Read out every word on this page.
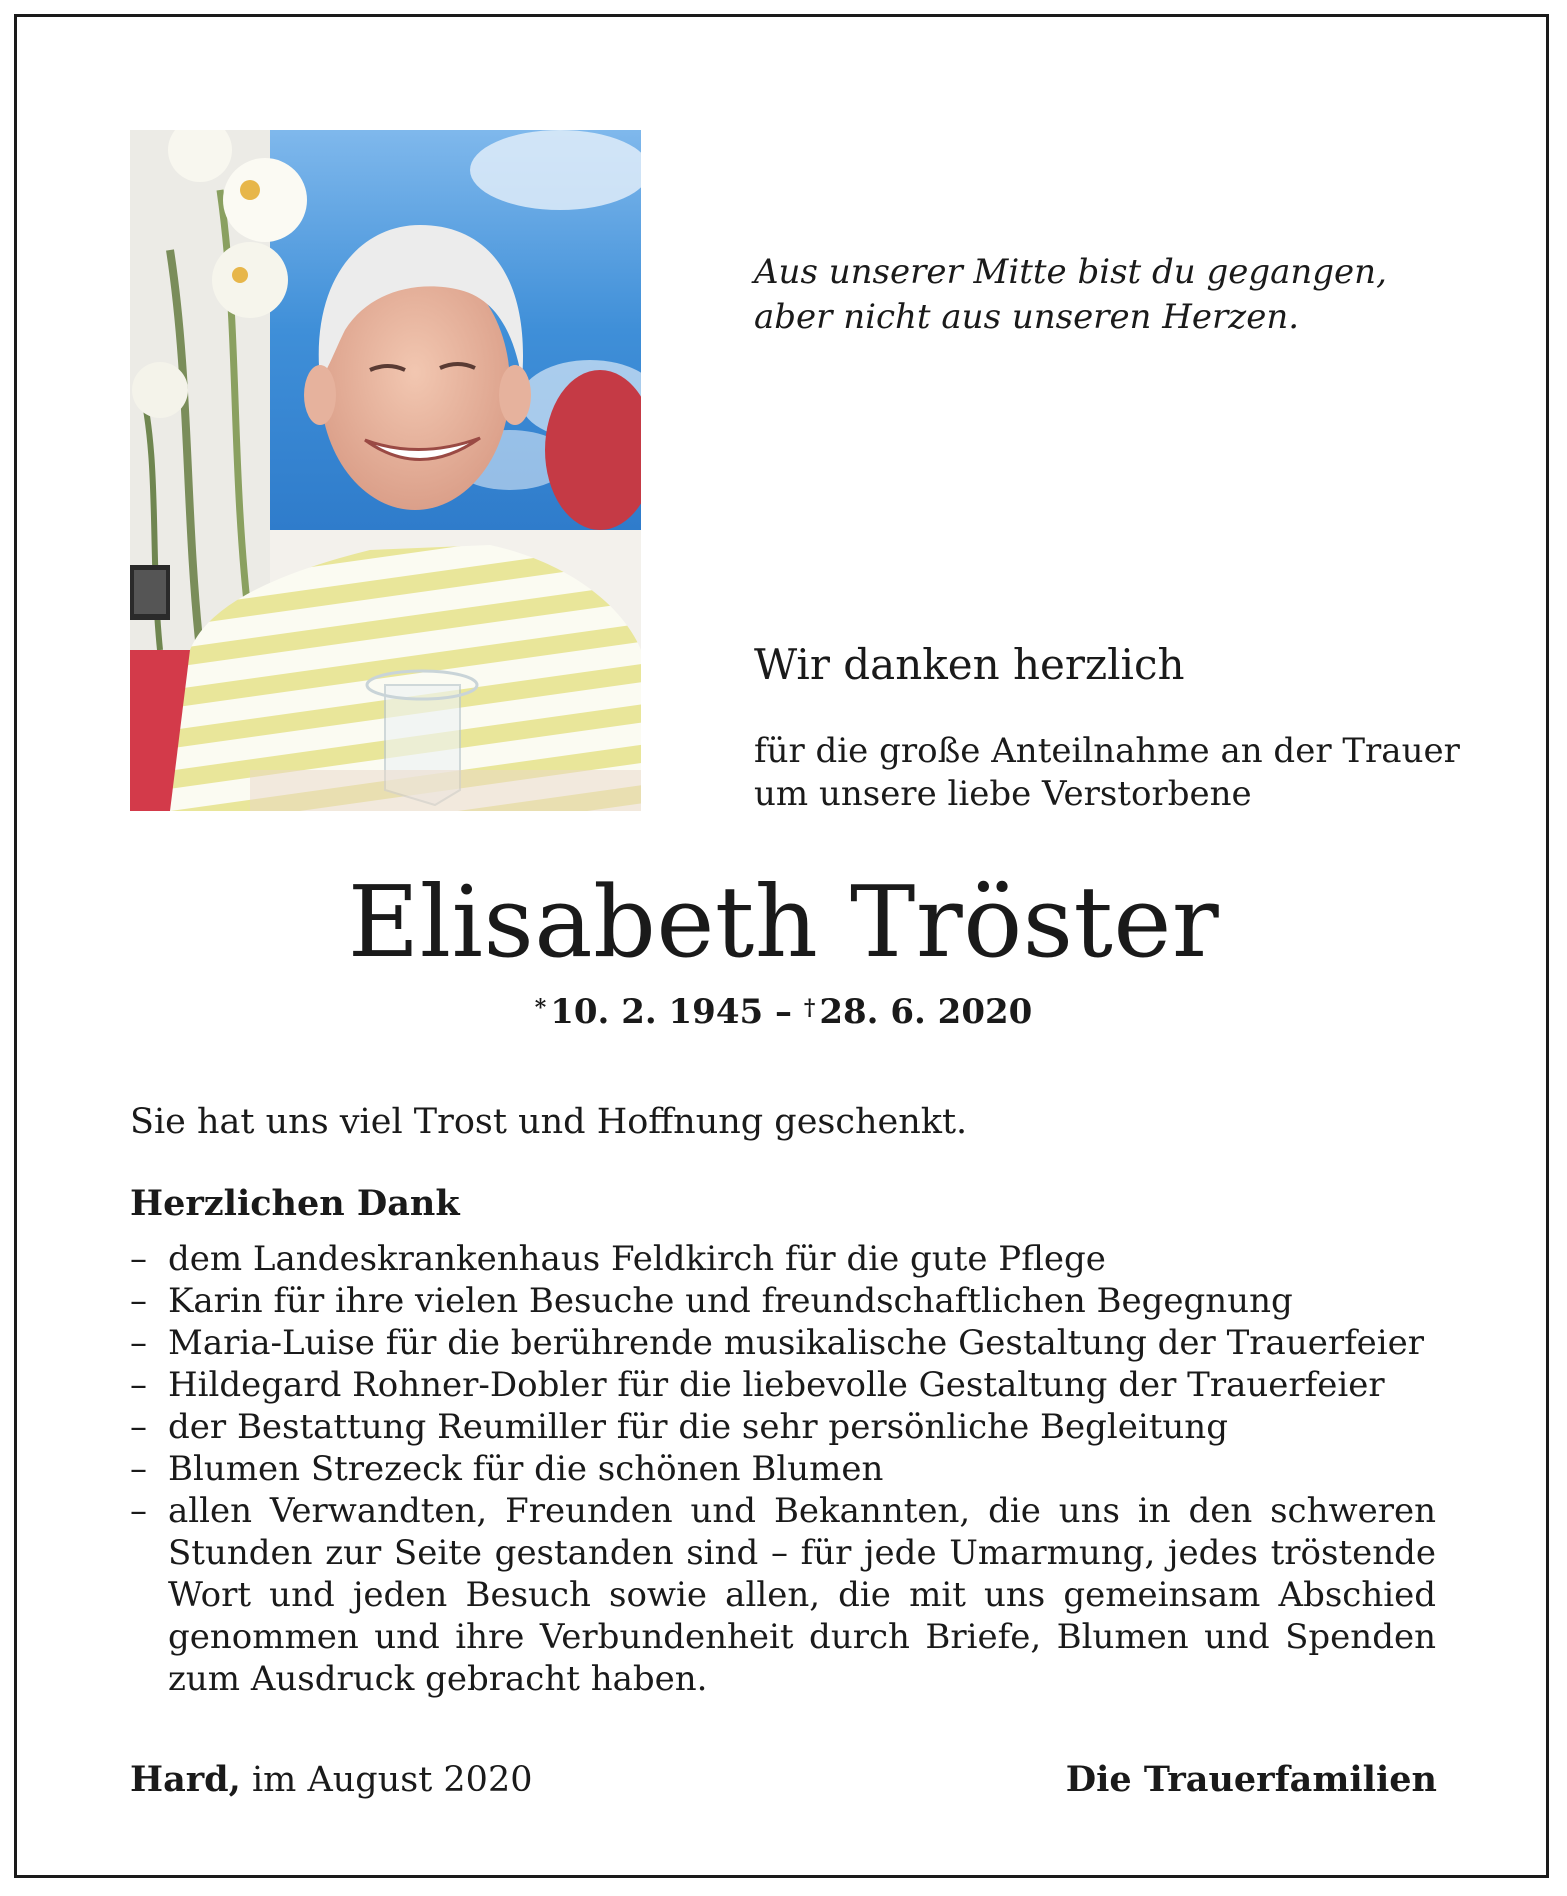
Aus unserer Mitte bist du gegangen,
aber nicht aus unseren Herzen.
Wir danken herzlich
für die große Anteilnahme an der Trauer
um unsere liebe Verstorbene
Elisabeth Tröster
* 10. 2. 1945 – † 28. 6. 2020
Sie hat uns viel Trost und Hoffnung geschenkt.
Herzlichen Dank
– dem Landeskrankenhaus Feldkirch für die gute Pflege
– Karin für ihre vielen Besuche und freundschaftlichen Begegnung
– Maria-Luise für die berührende musikalische Gestaltung der Trauerfeier
– Hildegard Rohner-Dobler für die liebevolle Gestaltung der Trauerfeier
– der Bestattung Reumiller für die sehr persönliche Begleitung
– Blumen Strezeck für die schönen Blumen
– allen Verwandten, Freunden und Bekannten, die uns in den schweren Stunden zur Seite gestanden sind – für jede Umarmung, jedes tröstende Wort und jeden Besuch sowie allen, die mit uns gemeinsam Abschied genommen und ihre Verbundenheit durch Briefe, Blumen und Spenden zum Ausdruck gebracht haben.
Hard, im August 2020	Die Trauerfamilien
